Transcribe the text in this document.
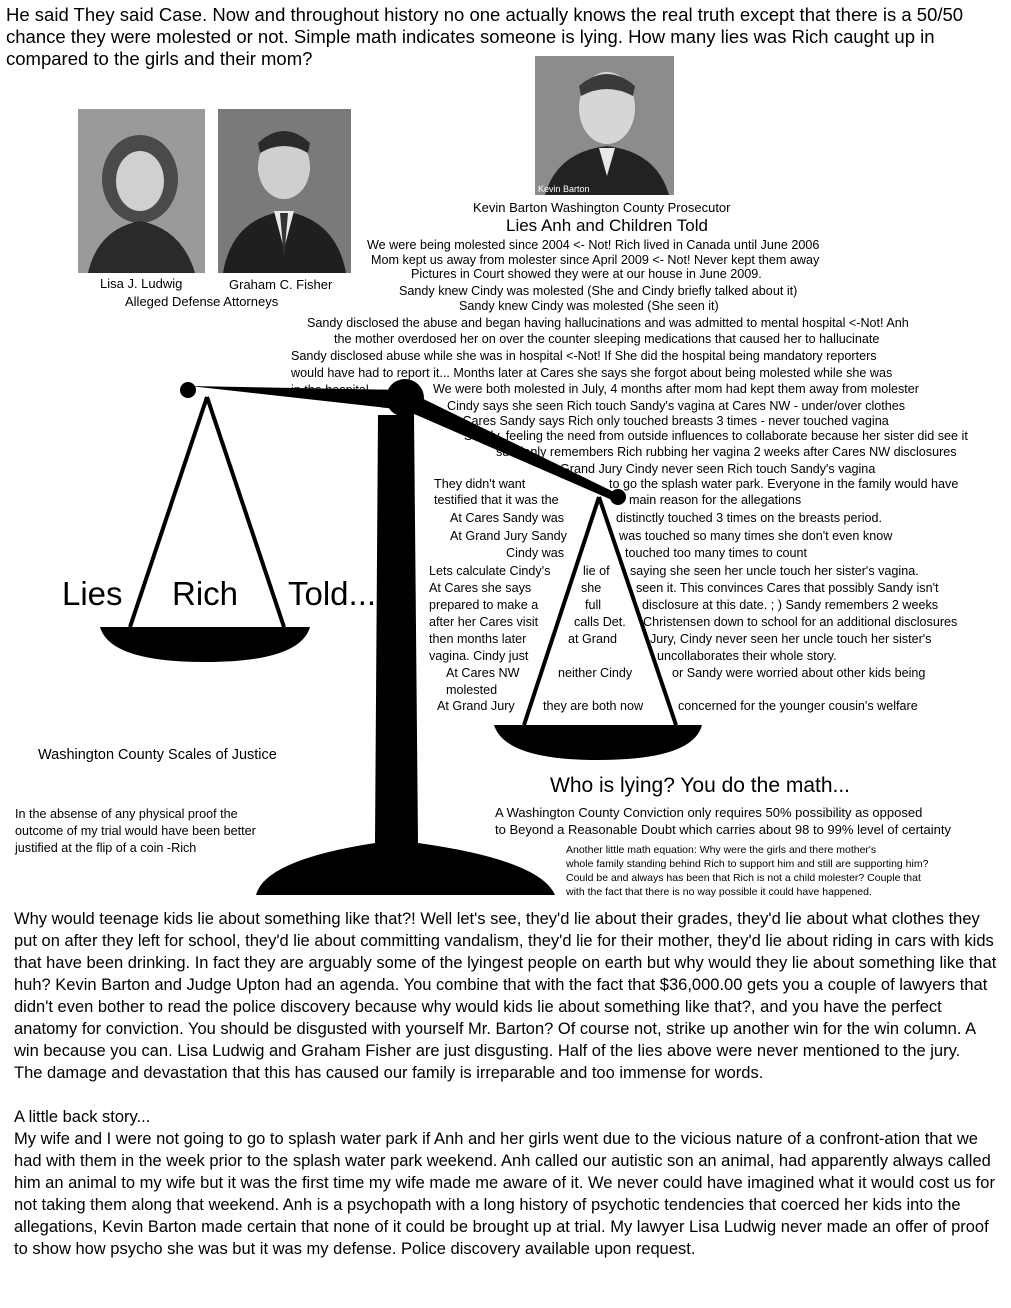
He said They said Case. Now and throughout history no one actually knows the real truth except that there is a 50/50 chance they were molested or not. Simple math indicates someone is lying. How many lies was Rich caught up in compared to the girls and their mom?
Kevin Barton
Lisa J. Ludwig	Graham C. Fisher
Alleged Defense Attorneys
Kevin Barton Washington County Prosecutor
Lies Anh and Children Told
We were being molested since 2004 <- Not! Rich lived in Canada until June 2006
Mom kept us away from molester since April 2009 <- Not! Never kept them away
Pictures in Court showed they were at our house in June 2009.
Sandy knew Cindy was molested (She and Cindy briefly talked about it)
Sandy knew Cindy was molested (She seen it)
Sandy disclosed the abuse and began having hallucinations and was admitted to mental hospital <-Not! Anh
the mother overdosed her on over the counter sleeping medications that caused her to hallucinate
Sandy disclosed abuse while she was in hospital <-Not! If She did the hospital being mandatory reporters
would have had to report it... Months later at Cares she says she forgot about being molested while she was
in the hospital	We were both molested in July, 4 months after mom had kept them away from molester
Cindy says she seen Rich touch Sandy's vagina at Cares NW - under/over clothes
At Cares Sandy says Rich only touched breasts 3 times - never touched vagina
Sandy, feeling the need from outside influences to collaborate because her sister did see it
suddenly remembers Rich rubbing her vagina 2 weeks after Cares NW disclosures
Grand Jury Cindy never seen Rich touch Sandy's vagina
They didn't want	to go the splash water park. Everyone in the family would have
testified that it was the	main reason for the allegations
At Cares Sandy was	distinctly touched 3 times on the breasts period.
At Grand Jury Sandy	was touched so many times she don't even know
Cindy was	touched too many times to count
Lets calculate Cindy's	lie of saying she seen her uncle touch her sister's vagina.
At Cares she says	she	seen it. This convinces Cares that possibly Sandy isn't
prepared to make a	full	disclosure at this date. ; ) Sandy remembers 2 weeks
after her Cares visit	calls Det. Christensen down to school for an additional disclosures
then months later	at Grand	Jury, Cindy never seen her uncle touch her sister's
vagina. Cindy just	uncollaborates their whole story.
At Cares NW	neither Cindy	or Sandy were worried about other kids being
molested
At Grand Jury they are both now	concerned for the younger cousin's welfare
Lies Rich Told...
Washington County Scales of Justice
In the absense of any physical proof the
outcome of my trial would have been better
justified at the flip of a coin -Rich
Who is lying? You do the math...
A Washington County Conviction only requires 50% possibility as opposed
to Beyond a Reasonable Doubt which carries about 98 to 99% level of certainty
Another little math equation: Why were the girls and there mother's
whole family standing behind Rich to support him and still are supporting him?
Could be and always has been that Rich is not a child molester? Couple that
with the fact that there is no way possible it could have happened.

Why would teenage kids lie about something like that?! Well let's see, they'd lie about their grades, they'd lie about what clothes they put on after they left for school, they'd lie about committing vandalism, they'd lie for their mother, they'd lie about riding in cars with kids that have been drinking. In fact they are arguably some of the lyingest people on earth but why would they lie about something like that huh? Kevin Barton and Judge Upton had an agenda. You combine that with the fact that $36,000.00 gets you a couple of lawyers that didn't even bother to read the police discovery because why would kids lie about something like that?, and you have the perfect anatomy for conviction. You should be disgusted with yourself Mr. Barton? Of course not, strike up another win for the win column. A win because you can. Lisa Ludwig and Graham Fisher are just disgusting. Half of the lies above were never mentioned to the jury.

The damage and devastation that this has caused our family is irreparable and too immense for words.

A little back story...

My wife and I were not going to go to splash water park if Anh and her girls went due to the vicious nature of a confront-ation that we had with them in the week prior to the splash water park weekend. Anh called our autistic son an animal, had apparently always called him an animal to my wife but it was the first time my wife made me aware of it. We never could have imagined what it would cost us for not taking them along that weekend. Anh is a psychopath with a long history of psychotic tendencies that coerced her kids into the allegations, Kevin Barton made certain that none of it could be brought up at trial. My lawyer Lisa Ludwig never made an offer of proof to show how psycho she was but it was my defense. Police discovery available upon request.
